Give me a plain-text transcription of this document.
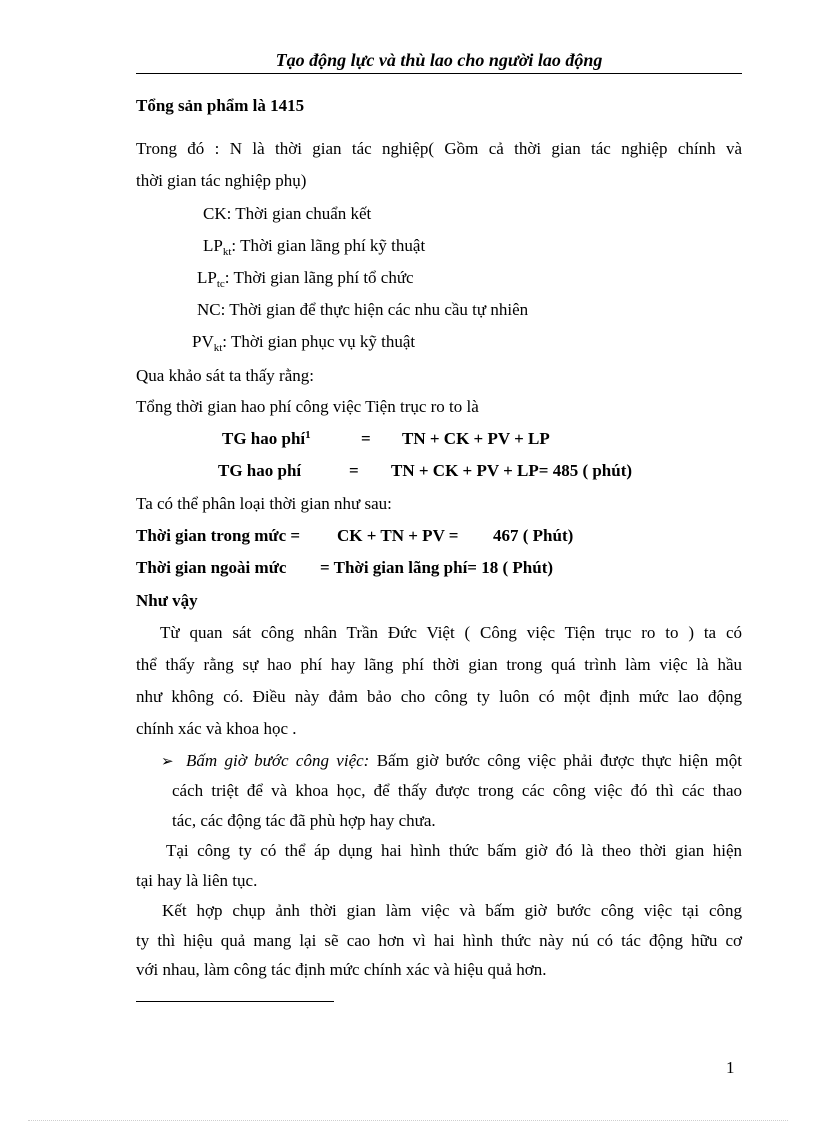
Tạo động lực và thù lao cho người lao động
Tổng sản phẩm là 1415
Trong đó : N là thời gian tác nghiệp( Gồm cả thời gian tác nghiệp chính và
thời gian tác nghiệp phụ)
CK: Thời gian chuẩn kết
$LP_{kt}$: Thời gian lãng phí kỹ thuật
$LP_{tc}$: Thời gian lãng phí tổ chức
NC: Thời gian để thực hiện các nhu cầu tự nhiên
$PV_{kt}$: Thời gian phục vụ kỹ thuật
Qua khảo sát ta thấy rằng:
Tổng thời gian hao phí công việc Tiện trục ro to là
TG hao phí$^1$	= TN + CK + PV + LP
TG hao phí	= TN + CK + PV + LP= 485 ( phút)
Ta có thể phân loại thời gian như sau:
Thời gian trong mức = CK + TN + PV = 467 ( Phút)
Thời gian ngoài mức = Thời gian lãng phí= 18 ( Phút)
Như vậy
Từ quan sát công nhân Trần Đức Việt ( Công việc Tiện trục ro to ) ta có
thể thấy rằng sự hao phí hay lãng phí thời gian trong quá trình làm việc là hầu
như không có. Điều này đảm bảo cho công ty luôn có một định mức lao động
chính xác và khoa học .
➢ Bấm giờ bước công việc: Bấm giờ bước công việc phải được thực hiện một
cách triệt để và khoa học, để thấy được trong các công việc đó thì các thao
tác, các động tác đã phù hợp hay chưa.
Tại công ty có thể áp dụng hai hình thức bấm giờ đó là theo thời gian hiện
tại hay là liên tục.
Kết hợp chụp ảnh thời gian làm việc và bấm giờ bước công việc tại công
ty thì hiệu quả mang lại sẽ cao hơn vì hai hình thức này nú có tác động hữu cơ
với nhau, làm công tác định mức chính xác và hiệu quả hơn.
1
